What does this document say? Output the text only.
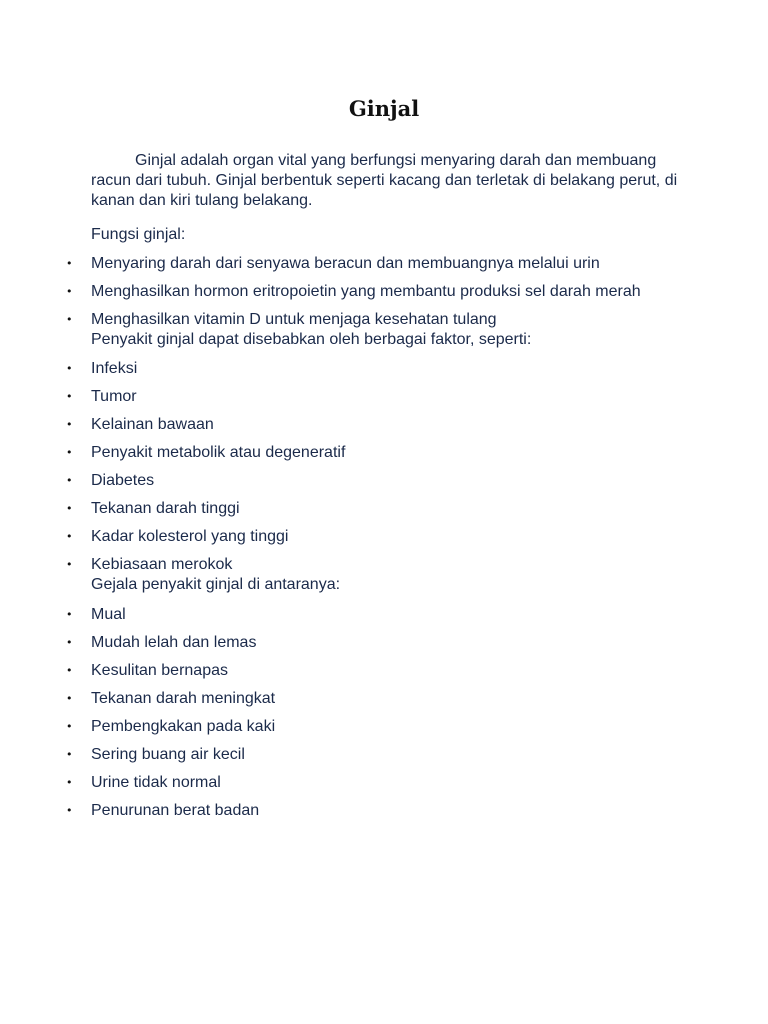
Ginjal

Ginjal adalah organ vital yang berfungsi menyaring darah dan membuang racun dari tubuh. Ginjal berbentuk seperti kacang dan terletak di belakang perut, di kanan dan kiri tulang belakang.

Fungsi ginjal:

• Menyaring darah dari senyawa beracun dan membuangnya melalui urin
• Menghasilkan hormon eritropoietin yang membantu produksi sel darah merah
• Menghasilkan vitamin D untuk menjaga kesehatan tulang

Penyakit ginjal dapat disebabkan oleh berbagai faktor, seperti:

• Infeksi
• Tumor
• Kelainan bawaan
• Penyakit metabolik atau degeneratif
• Diabetes
• Tekanan darah tinggi
• Kadar kolesterol yang tinggi
• Kebiasaan merokok

Gejala penyakit ginjal di antaranya:

• Mual
• Mudah lelah dan lemas
• Kesulitan bernapas
• Tekanan darah meningkat
• Pembengkakan pada kaki
• Sering buang air kecil
• Urine tidak normal
• Penurunan berat badan
